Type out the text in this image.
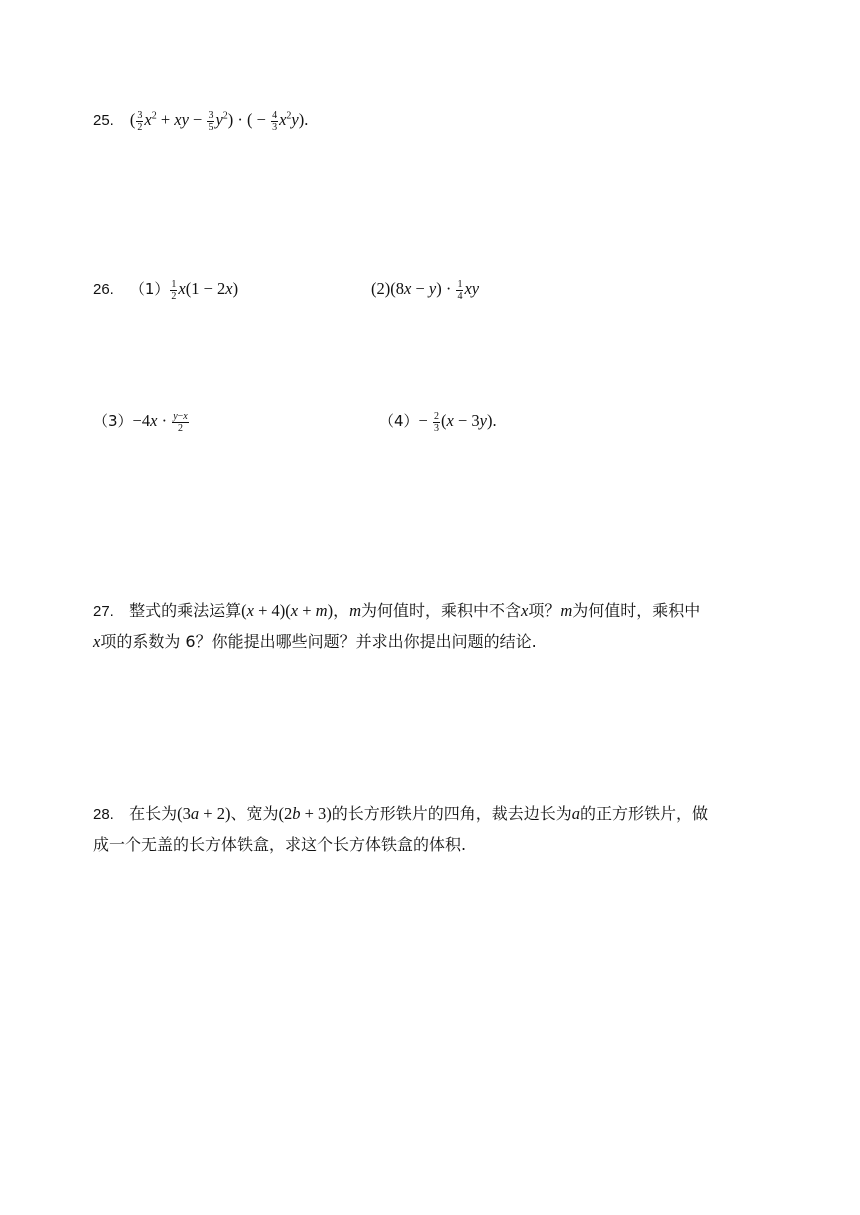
25. ( $\frac{3}{2} x^2$ + xy − $\frac{3}{5} y^2$) · ( − $\frac{4}{3} x^2y$).
26. $(1) \frac{1}{2} x(1 - 2x)$	$(2)(8x - y) \cdot \frac{1}{4}$ xy
$(3)-4x \cdot \frac{y-x}{2}$	$(4)- \frac{2}{3} (x - 3y)$.
27. 整式的乘法运算(x + 4)(x + m)，m为何值时，乘积中不含x项？m为何值时，乘积中
x项的系数为 6？你能提出哪些问题？并求出你提出问题的结论.
28. 在长为(3a + 2)、宽为(2b + 3)的长方形铁片的四角，裁去边长为a的正方形铁片，做
成一个无盖的长方体铁盒，求这个长方体铁盒的体积.
